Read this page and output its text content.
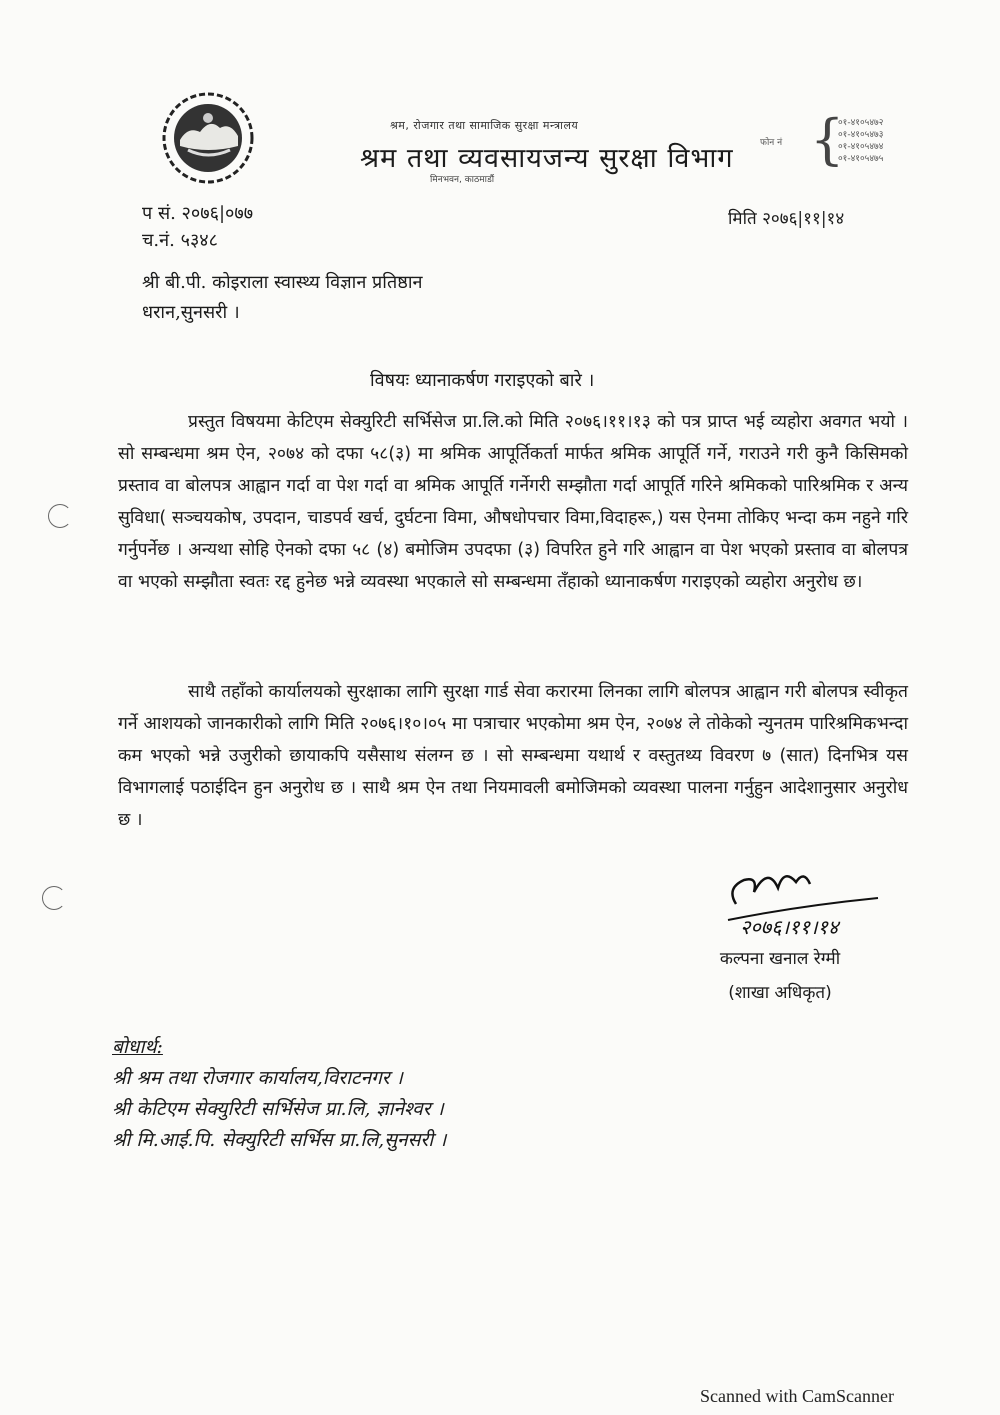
श्रम, रोजगार तथा सामाजिक सुरक्षा मन्त्रालय
श्रम तथा व्यवसायजन्य सुरक्षा विभाग
मिनभवन, काठमाडौं
फोन नं {
०१-४१०५४७२
०१-४१०५४७३
०१-४१०५४७४
०१-४१०५४७५
प सं. २०७६|०७७
च.नं. ५३४८
मिति २०७६|११|१४
श्री बी.पी. कोइराला स्वास्थ्य विज्ञान प्रतिष्ठान
धरान,सुनसरी ।
विषयः ध्यानाकर्षण गराइएको बारे ।
प्रस्तुत विषयमा केटिएम सेक्युरिटी सर्भिसेज प्रा.लि.को मिति २०७६।११।१३ को पत्र प्राप्त भई व्यहोरा अवगत भयो । सो सम्बन्धमा श्रम ऐन, २०७४ को दफा ५८(३) मा श्रमिक आपूर्तिकर्ता मार्फत श्रमिक आपूर्ति गर्ने, गराउने गरी कुनै किसिमको प्रस्ताव वा बोलपत्र आह्वान गर्दा वा पेश गर्दा वा श्रमिक आपूर्ति गर्नेगरी सम्झौता गर्दा आपूर्ति गरिने श्रमिकको पारिश्रमिक र अन्य सुविधा( सञ्चयकोष, उपदान, चाडपर्व खर्च, दुर्घटना विमा, औषधोपचार विमा,विदाहरू,) यस ऐनमा तोकिए भन्दा कम नहुने गरि गर्नुपर्नेछ । अन्यथा सोहि ऐनको दफा ५८ (४) बमोजिम उपदफा (३) विपरित हुने गरि आह्वान वा पेश भएको प्रस्ताव वा बोलपत्र वा भएको सम्झौता स्वतः रद्द हुनेछ भन्ने व्यवस्था भएकाले सो सम्बन्धमा तँहाको ध्यानाकर्षण गराइएको व्यहोरा अनुरोध छ।
साथै तहाँको कार्यालयको सुरक्षाका लागि सुरक्षा गार्ड सेवा करारमा लिनका लागि बोलपत्र आह्वान गरी बोलपत्र स्वीकृत गर्ने आशयको जानकारीको लागि मिति २०७६।१०।०५ मा पत्राचार भएकोमा श्रम ऐन, २०७४ ले तोकेको न्युनतम पारिश्रमिकभन्दा कम भएको भन्ने उजुरीको छायाकपि यसैसाथ संलग्न छ । सो सम्बन्धमा यथार्थ र वस्तुतथ्य विवरण ७ (सात) दिनभित्र यस विभागलाई पठाईदिन हुन अनुरोध छ । साथै श्रम ऐन तथा नियमावली बमोजिमको व्यवस्था पालना गर्नुहुन आदेशानुसार अनुरोध छ ।
२०७६।११।१४
कल्पना खनाल रेग्मी
(शाखा अधिकृत)
बोधार्थ:
श्री श्रम तथा रोजगार कार्यालय,विराटनगर ।
श्री केटिएम सेक्युरिटी सर्भिसेज प्रा.लि, ज्ञानेश्वर ।
श्री मि.आई.पि. सेक्युरिटी सर्भिस प्रा.लि,सुनसरी ।
Scanned with CamScanner
